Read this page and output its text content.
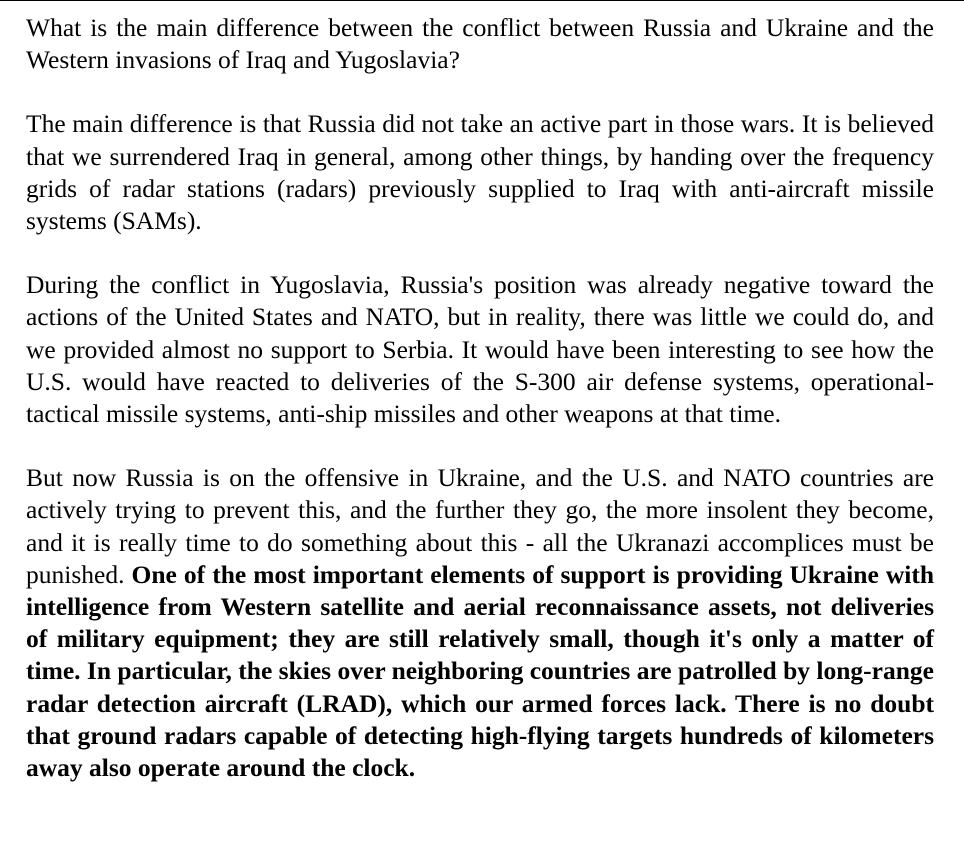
What is the main difference between the conflict between Russia and Ukraine and the Western invasions of Iraq and Yugoslavia?

The main difference is that Russia did not take an active part in those wars. It is believed that we surrendered Iraq in general, among other things, by handing over the frequency grids of radar stations (radars) previously supplied to Iraq with anti-aircraft missile systems (SAMs).

During the conflict in Yugoslavia, Russia's position was already negative toward the actions of the United States and NATO, but in reality, there was little we could do, and we provided almost no support to Serbia. It would have been interesting to see how the U.S. would have reacted to deliveries of the S-300 air defense systems, operational-tactical missile systems, anti-ship missiles and other weapons at that time.

But now Russia is on the offensive in Ukraine, and the U.S. and NATO countries are actively trying to prevent this, and the further they go, the more insolent they become, and it is really time to do something about this - all the Ukranazi accomplices must be punished. One of the most important elements of support is providing Ukraine with intelligence from Western satellite and aerial reconnaissance assets, not deliveries of military equipment; they are still relatively small, though it's only a matter of time. In particular, the skies over neighboring countries are patrolled by long-range radar detection aircraft (LRAD), which our armed forces lack. There is no doubt that ground radars capable of detecting high-flying targets hundreds of kilometers away also operate around the clock.
